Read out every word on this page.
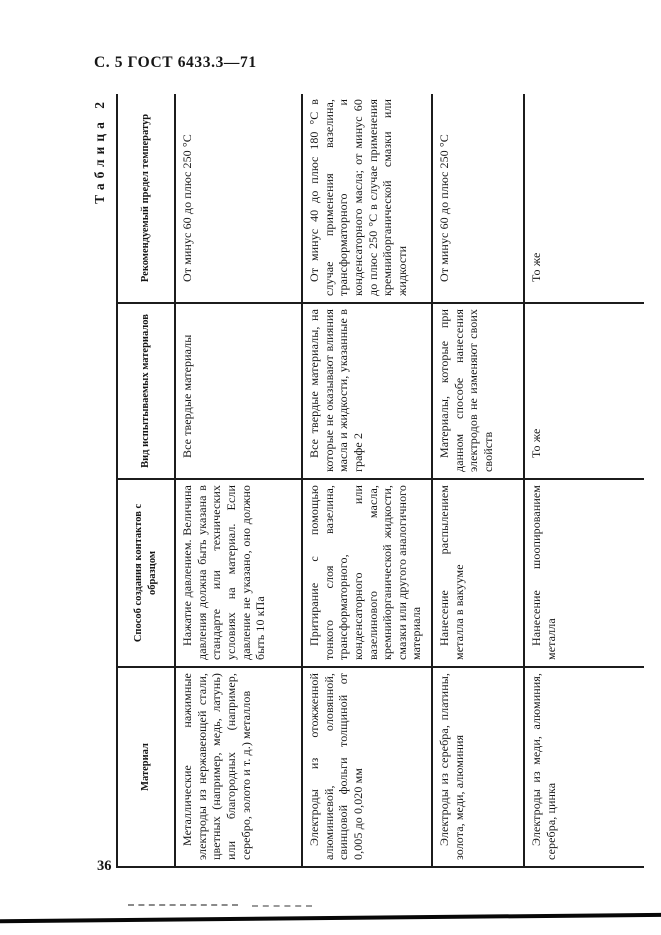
С. 5 ГОСТ 6433.3—71
Таблица 2
Материал	Способ создания контактов с образцом	Вид испытываемых материалов	Рекомендуемый предел температур
Металлические нажимные электроды из нержавеющей стали, цветных (например, медь, латунь) или благородных (например, серебро, золото и т. д.) металлов	Нажатие давлением. Величина давления должна быть указана в стандарте или технических условиях на материал. Если давление не указано, оно должно быть 10 кПа	Все твердые материалы	От минус 60 до плюс 250 °С
Электроды из отожженной алюминиевой, оловянной, свинцовой фольги толщиной от 0,005 до 0,020 мм	Притирание с помощью тонкого слоя вазелина, трансформаторного, конденсаторного или вазелинового масла, кремнийорганической жидкости, смазки или другого аналогичного материала	Все твердые материалы, на которые не оказывают влияния масла и жидкости, указанные в графе 2	От минус 40 до плюс 180 °С в случае применения вазелина, трансформаторного и конденсаторного масла; от минус 60 до плюс 250 °С в случае применения кремнийорганической смазки или жидкости
Электроды из серебра, платины, золота, меди, алюминия	Нанесение распылением металла в вакууме	Материалы, которые при данном способе нанесения электродов не изменяют своих свойств	От минус 60 до плюс 250 °С
Электроды из меди, алюминия, серебра, цинка	Нанесение шоопированием металла	То же	То же
36
